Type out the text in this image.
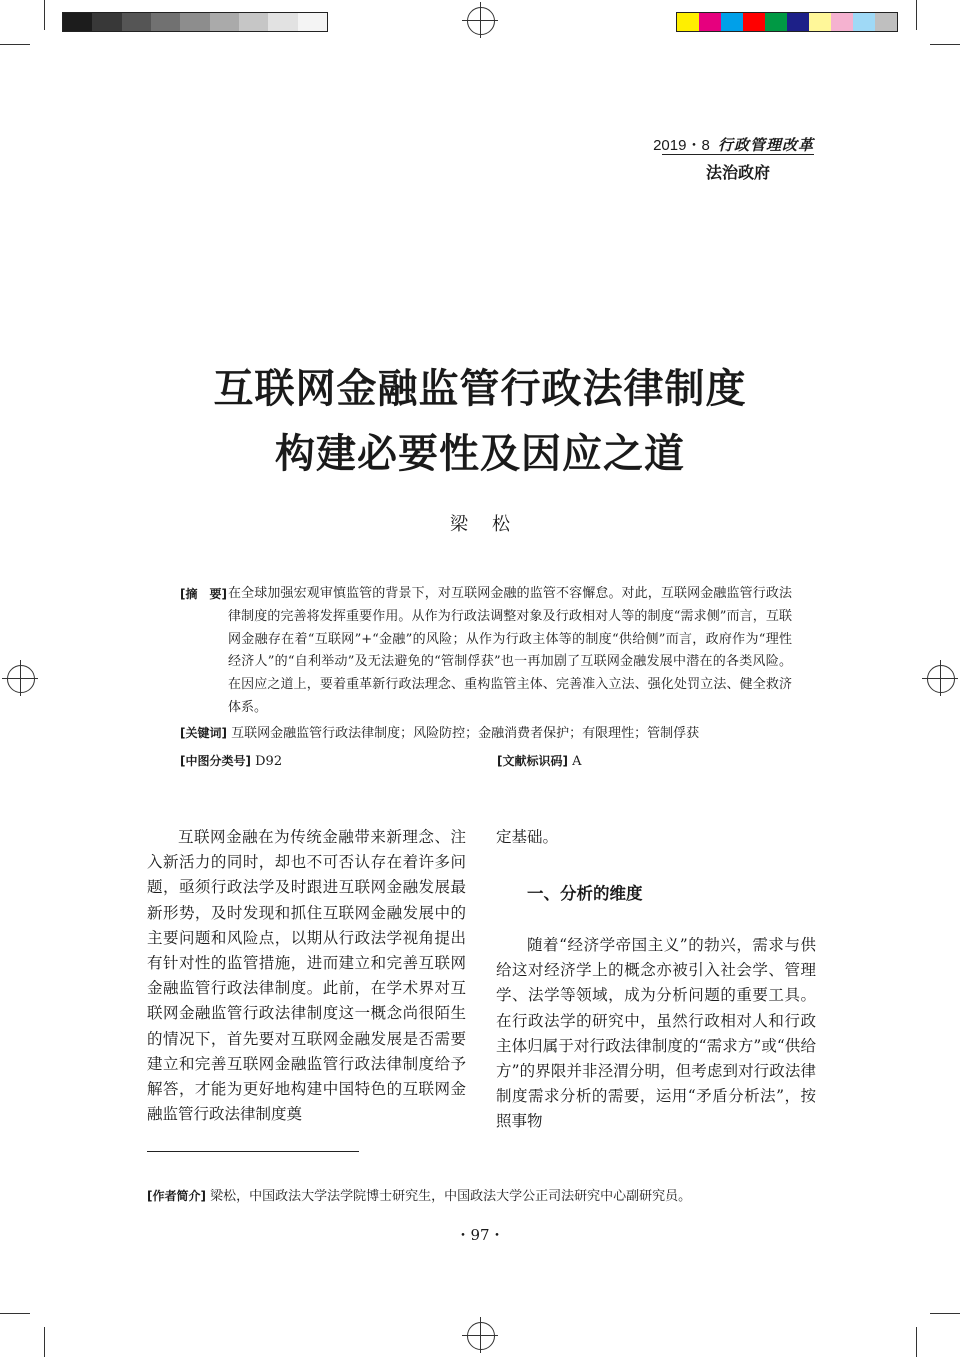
2019・8 行政管理改革
法治政府
互联网金融监管行政法律制度
构建必要性及因应之道
梁松
[摘　要] 在全球加强宏观审慎监管的背景下，对互联网金融的监管不容懈怠。对此，互联网金融监管行政法律制度的完善将发挥重要作用。从作为行政法调整对象及行政相对人等的制度“需求侧”而言，互联网金融存在着“互联网”+“金融”的风险；从作为行政主体等的制度“供给侧”而言，政府作为“理性经济人”的“自利举动”及无法避免的“管制俘获”也一再加剧了互联网金融发展中潜在的各类风险。在因应之道上，要着重革新行政法理念、重构监管主体、完善准入立法、强化处罚立法、健全救济体系。
[关键词] 互联网金融监管行政法律制度；风险防控；金融消费者保护；有限理性；管制俘获
[中图分类号] D92	[文献标识码] A

互联网金融在为传统金融带来新理念、注入新活力的同时，却也不可否认存在着许多问题，亟须行政法学及时跟进互联网金融发展最新形势，及时发现和抓住互联网金融发展中的主要问题和风险点，以期从行政法学视角提出有针对性的监管措施，进而建立和完善互联网金融监管行政法律制度。此前，在学术界对互联网金融监管行政法律制度这一概念尚很陌生的情况下，首先要对互联网金融发展是否需要建立和完善互联网金融监管行政法律制度给予解答，才能为更好地构建中国特色的互联网金融监管行政法律制度奠

定基础。

一、分析的维度

随着“经济学帝国主义”的勃兴，需求与供给这对经济学上的概念亦被引入社会学、管理学、法学等领域，成为分析问题的重要工具。在行政法学的研究中，虽然行政相对人和行政主体归属于对行政法律制度的“需求方”或“供给方”的界限并非泾渭分明，但考虑到对行政法律制度需求分析的需要，运用“矛盾分析法”，按照事物

[作者简介] 梁松，中国政法大学法学院博士研究生，中国政法大学公正司法研究中心副研究员。
・97・
